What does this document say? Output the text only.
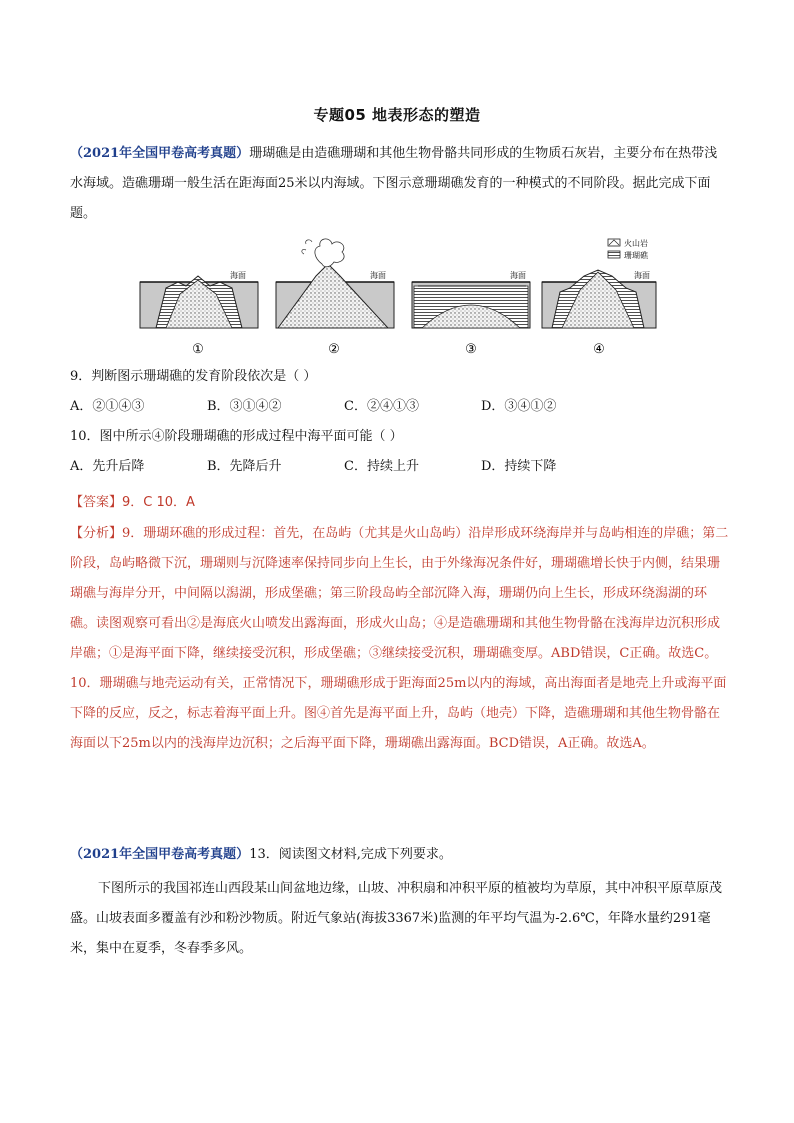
专题05 地表形态的塑造
（2021年全国甲卷高考真题）珊瑚礁是由造礁珊瑚和其他生物骨骼共同形成的生物质石灰岩，主要分布在热带浅水海域。造礁珊瑚一般生活在距海面25米以内海域。下图示意珊瑚礁发育的一种模式的不同阶段。据此完成下面题。
海面	海面	海面	海面
火山岩
珊瑚礁
①	②	③	④
9．判断图示珊瑚礁的发育阶段依次是（ ）
A．②①④③	B．③①④②	C．②④①③	D．③④①②
10．图中所示④阶段珊瑚礁的形成过程中海平面可能（ ）
A．先升后降	B．先降后升	C．持续上升	D．持续下降
【答案】9．C 10．A
【分析】9．珊瑚环礁的形成过程：首先，在岛屿（尤其是火山岛屿）沿岸形成环绕海岸并与岛屿相连的岸礁；第二阶段，岛屿略微下沉，珊瑚则与沉降速率保持同步向上生长，由于外缘海况条件好，珊瑚礁增长快于内侧，结果珊瑚礁与海岸分开，中间隔以潟湖，形成堡礁；第三阶段岛屿全部沉降入海，珊瑚仍向上生长，形成环绕潟湖的环礁。读图观察可看出②是海底火山喷发出露海面，形成火山岛；④是造礁珊瑚和其他生物骨骼在浅海岸边沉积形成岸礁；①是海平面下降，继续接受沉积，形成堡礁；③继续接受沉积，珊瑚礁变厚。ABD错误，C正确。故选C。
10．珊瑚礁与地壳运动有关，正常情况下，珊瑚礁形成于距海面25m以内的海域，高出海面者是地壳上升或海平面下降的反应，反之，标志着海平面上升。图④首先是海平面上升，岛屿（地壳）下降，造礁珊瑚和其他生物骨骼在海面以下25m以内的浅海岸边沉积；之后海平面下降，珊瑚礁出露海面。BCD错误，A正确。故选A。
（2021年全国甲卷高考真题）13．阅读图文材料,完成下列要求。
下图所示的我国祁连山西段某山间盆地边缘，山坡、冲积扇和冲积平原的植被均为草原，其中冲积平原草原茂盛。山坡表面多覆盖有沙和粉沙物质。附近气象站(海拔3367米)监测的年平均气温为-2.6℃，年降水量约291毫米，集中在夏季，冬春季多风。
